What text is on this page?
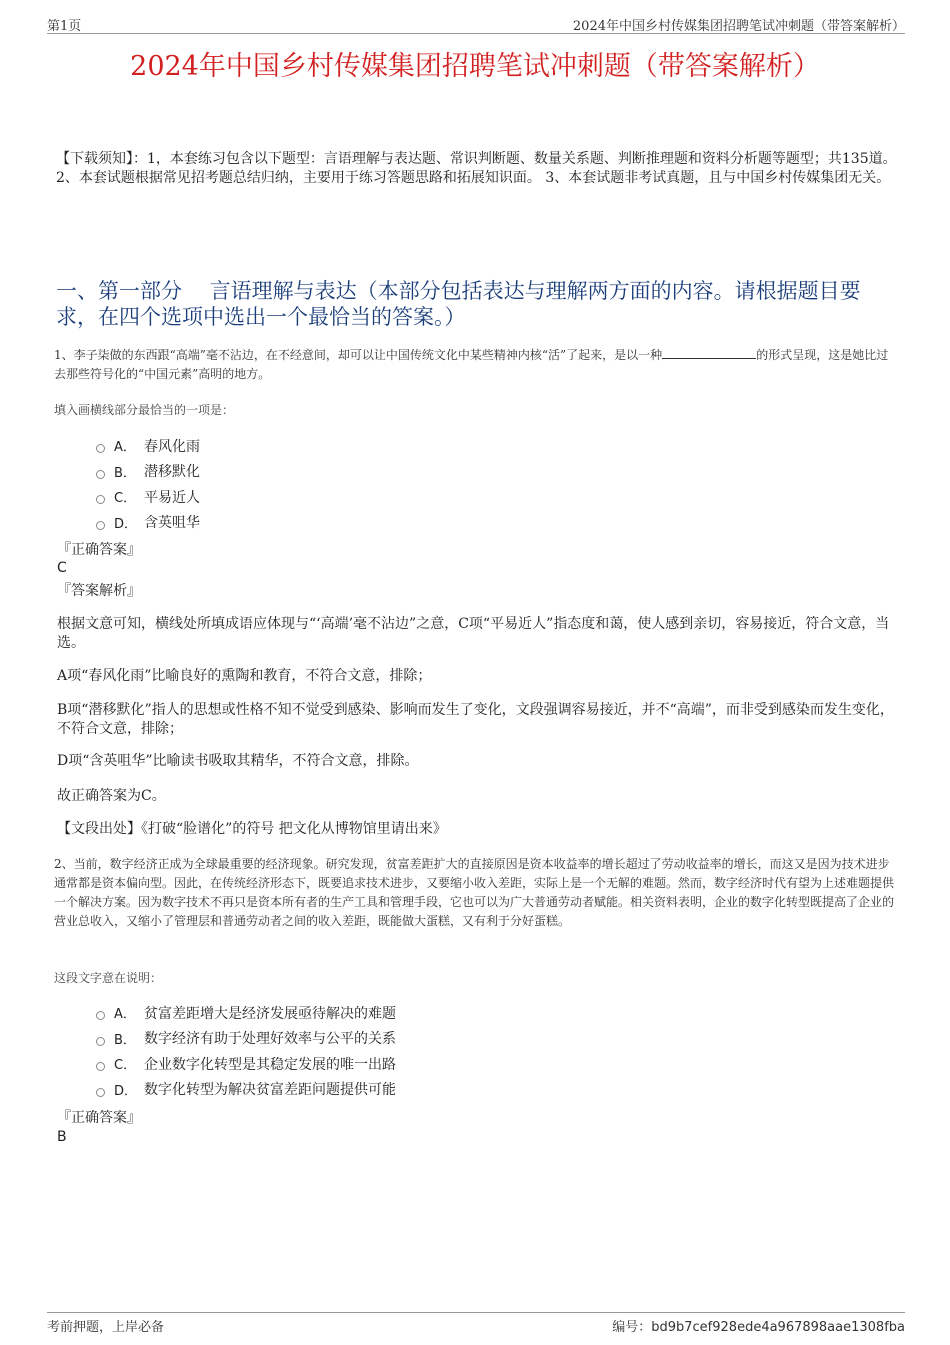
第1页	2024年中国乡村传媒集团招聘笔试冲刺题（带答案解析）
2024年中国乡村传媒集团招聘笔试冲刺题（带答案解析）
【下载须知】：1，本套练习包含以下题型：言语理解与表达题、常识判断题、数量关系题、判断推理题和资料分析题等题型；共135道。 2、本套试题根据常见招考题总结归纳，主要用于练习答题思路和拓展知识面。 3、本套试题非考试真题，且与中国乡村传媒集团无关。
一、第一部分　 言语理解与表达（本部分包括表达与理解两方面的内容。请根据题目要求，在四个选项中选出一个最恰当的答案。）
1、李子柒做的东西跟“高端”毫不沾边，在不经意间，却可以让中国传统文化中某些精神内核“活”了起来，是以一种	的形式呈现，这是她比过去那些符号化的“中国元素”高明的地方。
填入画横线部分最恰当的一项是：
A． 春风化雨
B． 潜移默化
C． 平易近人
D． 含英咀华
『正确答案』
C
『答案解析』
根据文意可知，横线处所填成语应体现与“‘高端’毫不沾边”之意，C项“平易近人”指态度和蔼，使人感到亲切，容易接近，符合文意，当选。
A项“春风化雨”比喻良好的熏陶和教育，不符合文意，排除；
B项“潜移默化”指人的思想或性格不知不觉受到感染、影响而发生了变化，文段强调容易接近，并不“高端”，而非受到感染而发生变化，不符合文意，排除；
D项“含英咀华”比喻读书吸取其精华，不符合文意，排除。
故正确答案为C。
【文段出处】《打破“脸谱化”的符号 把文化从博物馆里请出来》
2、当前，数字经济正成为全球最重要的经济现象。研究发现，贫富差距扩大的直接原因是资本收益率的增长超过了劳动收益率的增长，而这又是因为技术进步通常都是资本偏向型。因此，在传统经济形态下，既要追求技术进步，又要缩小收入差距，实际上是一个无解的难题。然而，数字经济时代有望为上述难题提供一个解决方案。因为数字技术不再只是资本所有者的生产工具和管理手段，它也可以为广大普通劳动者赋能。相关资料表明，企业的数字化转型既提高了企业的营业总收入，又缩小了管理层和普通劳动者之间的收入差距，既能做大蛋糕，又有利于分好蛋糕。
这段文字意在说明：
A． 贫富差距增大是经济发展亟待解决的难题
B． 数字经济有助于处理好效率与公平的关系
C． 企业数字化转型是其稳定发展的唯一出路
D． 数字化转型为解决贫富差距问题提供可能
『正确答案』
B
考前押题，上岸必备	编号：bd9b7cef928ede4a967898aae1308fba
